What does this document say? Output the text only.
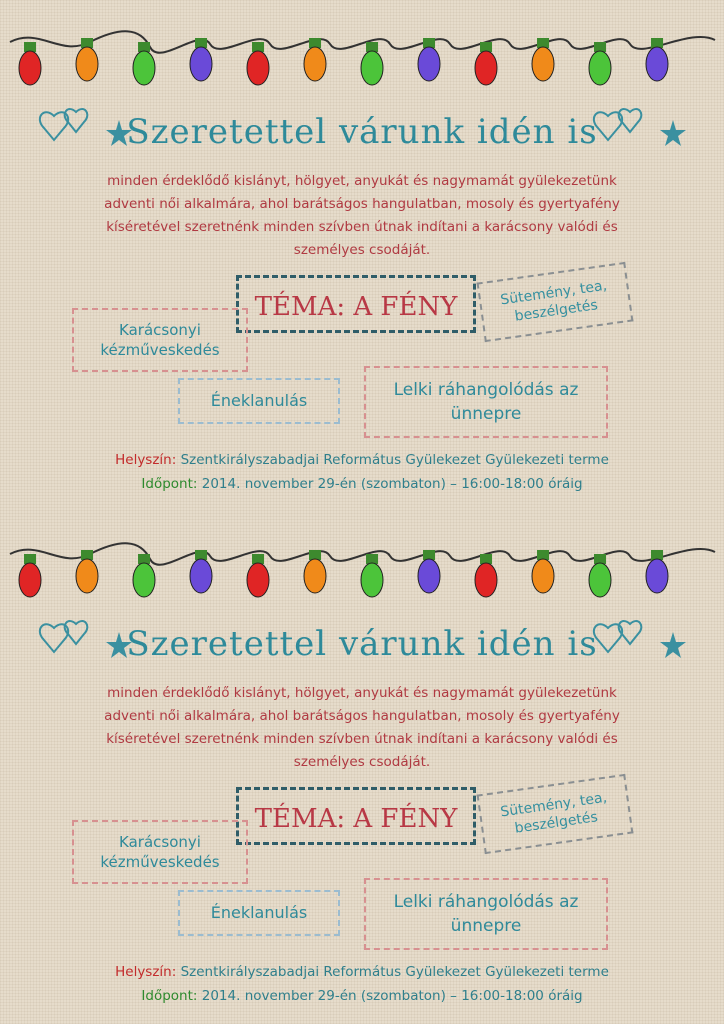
Szeretettel várunk idén is
minden érdeklődő kislányt, hölgyet, anyukát és nagymamát gyülekezetünk adventi női alkalmára, ahol barátságos hangulatban, mosoly és gyertyafény kíséretével szeretnénk minden szívben útnak indítani a karácsony valódi és személyes csodáját.
TÉMA: A FÉNY	Sütemény, tea, beszélgetés
Karácsonyi kézműveskedés
Éneklanulás
Lelki ráhangolódás az ünnepre
Helyszín: Szentkirályszabadjai Református Gyülekezet Gyülekezeti terme
Időpont: 2014. november 29-én (szombaton) – 16:00-18:00 óráig
Szeretettel várunk idén is
minden érdeklődő kislányt, hölgyet, anyukát és nagymamát gyülekezetünk adventi női alkalmára, ahol barátságos hangulatban, mosoly és gyertyafény kíséretével szeretnénk minden szívben útnak indítani a karácsony valódi és személyes csodáját.
TÉMA: A FÉNY	Sütemény, tea, beszélgetés
Karácsonyi kézműveskedés
Éneklanulás
Lelki ráhangolódás az ünnepre
Helyszín: Szentkirályszabadjai Református Gyülekezet Gyülekezeti terme
Időpont: 2014. november 29-én (szombaton) – 16:00-18:00 óráig
